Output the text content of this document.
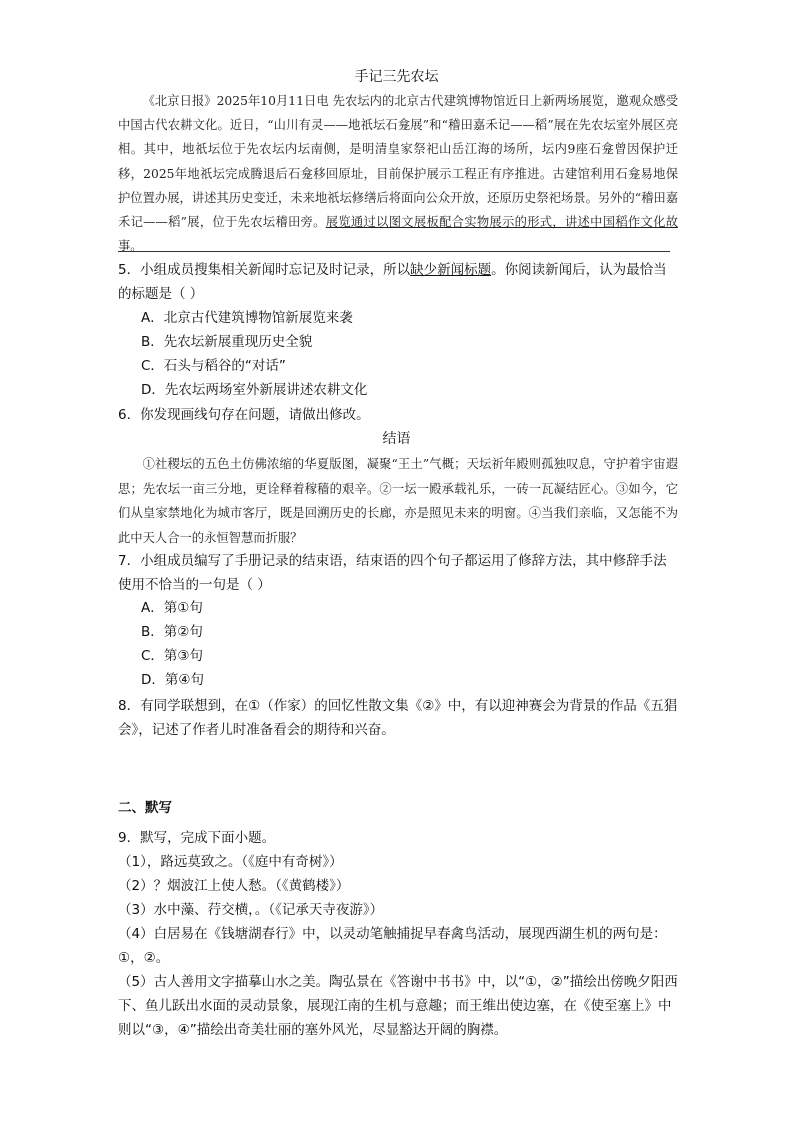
手记三先农坛

《北京日报》2025年10月11日电 先农坛内的北京古代建筑博物馆近日上新两场展览，邀观众感受中国古代农耕文化。近日，“山川有灵——地祇坛石龛展”和“稽田嘉禾记——稻”展在先农坛室外展区亮相。其中，地祇坛位于先农坛内坛南侧，是明清皇家祭祀山岳江海的场所，坛内9座石龛曾因保护迁移，2025年地祇坛完成腾退后石龛移回原址，目前保护展示工程正有序推进。古建馆利用石龛易地保护位置办展，讲述其历史变迁，未来地祇坛修缮后将面向公众开放，还原历史祭祀场景。另外的“稽田嘉禾记——稻”展，位于先农坛稽田旁。展览通过以图文展板配合实物展示的形式，讲述中国稻作文化故事。

5．小组成员搜集相关新闻时忘记及时记录，所以缺少新闻标题。你阅读新闻后，认为最恰当的标题是（ ）

A．北京古代建筑博物馆新展览来袭
B．先农坛新展重现历史全貌
C．石头与稻谷的“对话”
D．先农坛两场室外新展讲述农耕文化
6．你发现画线句存在问题，请做出修改。
结语

①社稷坛的五色土仿佛浓缩的华夏版图，凝聚“王土”气概；天坛祈年殿则孤独叹息，守护着宇宙遐思；先农坛一亩三分地，更诠释着稼穑的艰辛。②一坛一殿承载礼乐，一砖一瓦凝结匠心。③如今，它们从皇家禁地化为城市客厅，既是回溯历史的长廊，亦是照见未来的明窗。④当我们亲临，又怎能不为此中天人合一的永恒智慧而折服？

7．小组成员编写了手册记录的结束语，结束语的四个句子都运用了修辞方法，其中修辞手法使用不恰当的一句是（ ）

A．第①句
B．第②句
C．第③句
D．第④句

8．有同学联想到，在①（作家）的回忆性散文集《②》中，有以迎神赛会为背景的作品《五猖会》，记述了作者儿时准备看会的期待和兴奋。

二、默写

9．默写，完成下面小题。

（1），路远莫致之。（《庭中有奇树》）

（2）？烟波江上使人愁。（《黄鹤楼》）

（3）水中藻、荇交横，。（《记承天寺夜游》）

（4）白居易在《钱塘湖春行》中，以灵动笔触捕捉早春禽鸟活动，展现西湖生机的两句是：①，②。

（5）古人善用文字描摹山水之美。陶弘景在《答谢中书书》中，以“①，②”描绘出傍晚夕阳西下、鱼儿跃出水面的灵动景象，展现江南的生机与意趣；而王维出使边塞，在《使至塞上》中则以“③，④”描绘出奇美壮丽的塞外风光，尽显豁达开阔的胸襟。
